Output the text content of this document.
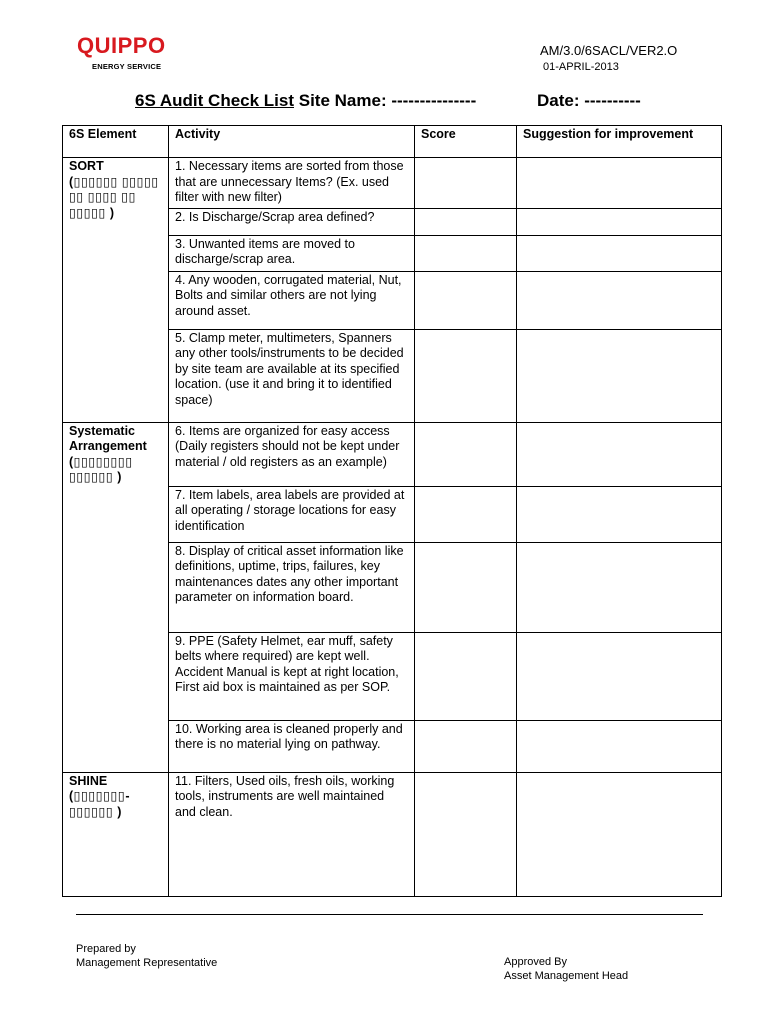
QUIPPO
ENERGY SERVICE
AM/3.0/6SACL/VER2.O
01-APRIL-2013
6S Audit Check List Site Name: ---------------	Date: ----------
6S Element	Activity	Score	Suggestion for improvement

SORT
(▯▯▯▯▯▯ ▯▯▯▯▯ ▯▯ ▯▯▯▯ ▯▯ ▯▯▯▯▯ )	1. Necessary items are sorted from those that are unnecessary Items? (Ex. used filter with new filter)		
	2. Is Discharge/Scrap area defined?		
	3. Unwanted items are moved to discharge/scrap area.		
	4. Any wooden, corrugated material, Nut, Bolts and similar others are not lying around asset.		
	5. Clamp meter, multimeters, Spanners any other tools/instruments to be decided by site team are available at its specified location. (use it and bring it to identified space)		

Systematic Arrangement
(▯▯▯▯▯▯▯▯ ▯▯▯▯▯▯ )	6. Items are organized for easy access (Daily registers should not be kept under material / old registers as an example)		
	7. Item labels, area labels are provided at all operating / storage locations for easy identification		
	8. Display of critical asset information like definitions, uptime, trips, failures, key maintenances dates any other important parameter on information board.		
	9. PPE (Safety Helmet, ear muff, safety belts where required) are kept well. Accident Manual is kept at right location, First aid box is maintained as per SOP.		
	10. Working area is cleaned properly and there is no material lying on pathway.		

SHINE
(▯▯▯▯▯▯▯- ▯▯▯▯▯▯ )	11. Filters, Used oils, fresh oils, working tools, instruments are well maintained and clean.		
Prepared by
Management Representative	Approved By
Asset Management Head
